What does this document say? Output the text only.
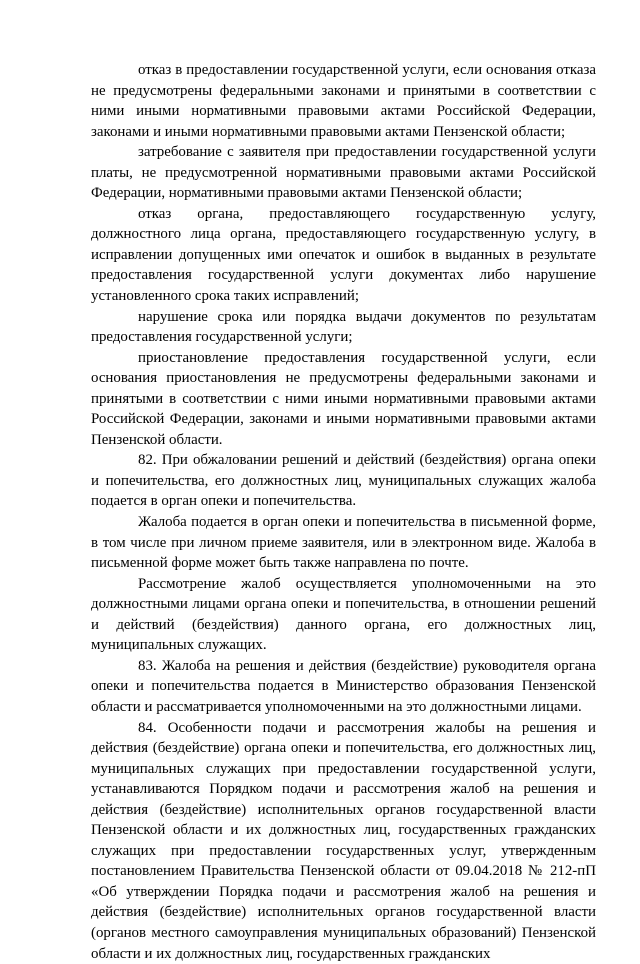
отказ в предоставлении государственной услуги, если основания отказа не предусмотрены федеральными законами и принятыми в соответствии с ними иными нормативными правовыми актами Российской Федерации, законами и иными нормативными правовыми актами Пензенской области;

затребование с заявителя при предоставлении государственной услуги платы, не предусмотренной нормативными правовыми актами Российской Федерации, нормативными правовыми актами Пензенской области;

отказ органа, предоставляющего государственную услугу, должностного лица органа, предоставляющего государственную услугу, в исправлении допущенных ими опечаток и ошибок в выданных в результате предоставления государственной услуги документах либо нарушение установленного срока таких исправлений;

нарушение срока или порядка выдачи документов по результатам предоставления государственной услуги;

приостановление предоставления государственной услуги, если основания приостановления не предусмотрены федеральными законами и принятыми в соответствии с ними иными нормативными правовыми актами Российской Федерации, законами и иными нормативными правовыми актами Пензенской области.

82. При обжаловании решений и действий (бездействия) органа опеки и попечительства, его должностных лиц, муниципальных служащих жалоба подается в орган опеки и попечительства.

Жалоба подается в орган опеки и попечительства в письменной форме, в том числе при личном приеме заявителя, или в электронном виде. Жалоба в письменной форме может быть также направлена по почте.

Рассмотрение жалоб осуществляется уполномоченными на это должностными лицами органа опеки и попечительства, в отношении решений и действий (бездействия) данного органа, его должностных лиц, муниципальных служащих.

83. Жалоба на решения и действия (бездействие) руководителя органа опеки и попечительства подается в Министерство образования Пензенской области и рассматривается уполномоченными на это должностными лицами.

84. Особенности подачи и рассмотрения жалобы на решения и действия (бездействие) органа опеки и попечительства, его должностных лиц, муниципальных служащих при предоставлении государственной услуги, устанавливаются Порядком подачи и рассмотрения жалоб на решения и действия (бездействие) исполнительных органов государственной власти Пензенской области и их должностных лиц, государственных гражданских служащих при предоставлении государственных услуг, утвержденным постановлением Правительства Пензенской области от 09.04.2018 № 212-пП «Об утверждении Порядка подачи и рассмотрения жалоб на решения и действия (бездействие) исполнительных органов государственной власти (органов местного самоуправления муниципальных образований) Пензенской области и их должностных лиц, государственных гражданских
